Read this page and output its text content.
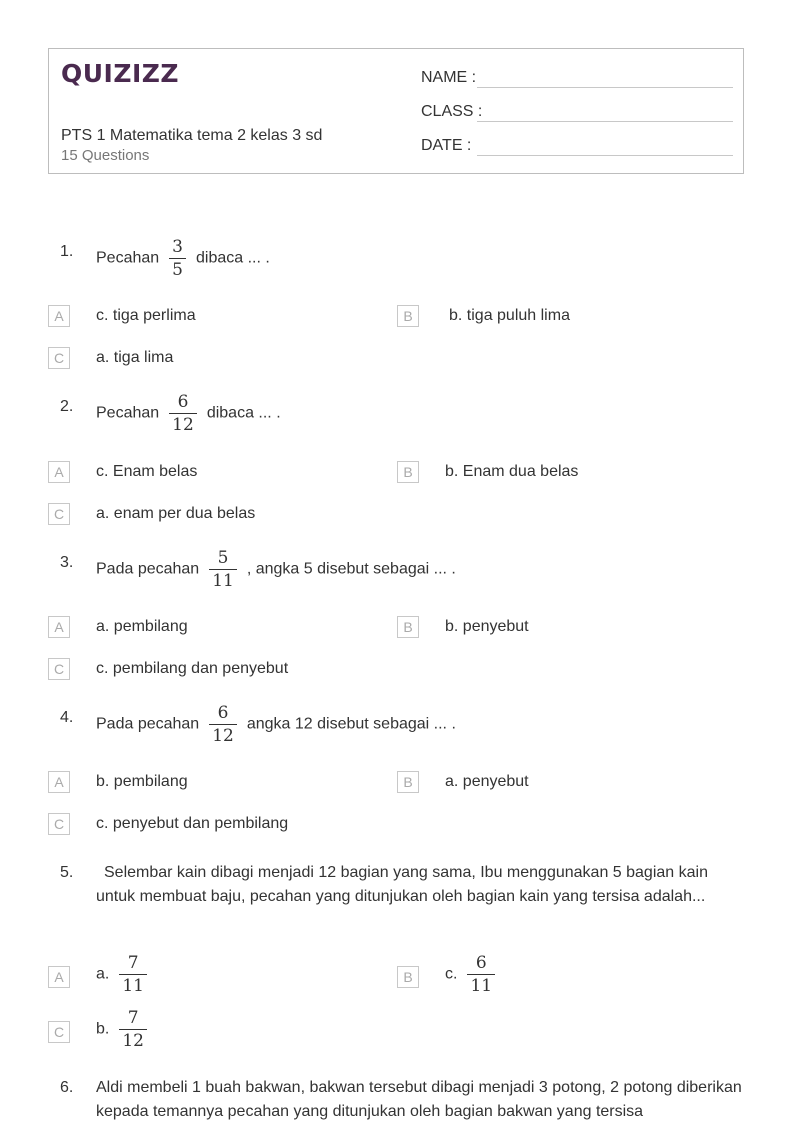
QUIZIZZ
PTS 1 Matematika tema 2 kelas 3 sd
15 Questions
NAME :
CLASS :
DATE :
1. Pecahan $\frac{3}{5}$ dibaca ... .
A	c. tiga perlima	B	b. tiga puluh lima
C	a. tiga lima
2. Pecahan $\frac{6}{12}$ dibaca ... .
A	c. Enam belas	B	b. Enam dua belas
C	a. enam per dua belas
3. Pada pecahan $\frac{5}{11}$ , angka 5 disebut sebagai ... .
A	a. pembilang	B	b. penyebut
C	c. pembilang dan penyebut
4. Pada pecahan $\frac{6}{12}$ angka 12 disebut sebagai ... .
A	b. pembilang	B	a. penyebut
C	c. penyebut dan pembilang
5.	Selembar kain dibagi menjadi 12 bagian yang sama, Ibu menggunakan 5 bagian kain untuk membuat baju, pecahan yang ditunjukan oleh bagian kain yang tersisa adalah...
A	a. $\frac{7}{11}$	B	c. $\frac{6}{11}$
C	b. $\frac{7}{12}$
6. Aldi membeli 1 buah bakwan, bakwan tersebut dibagi menjadi 3 potong, 2 potong diberikan kepada temannya pecahan yang ditunjukan oleh bagian bakwan yang tersisa
